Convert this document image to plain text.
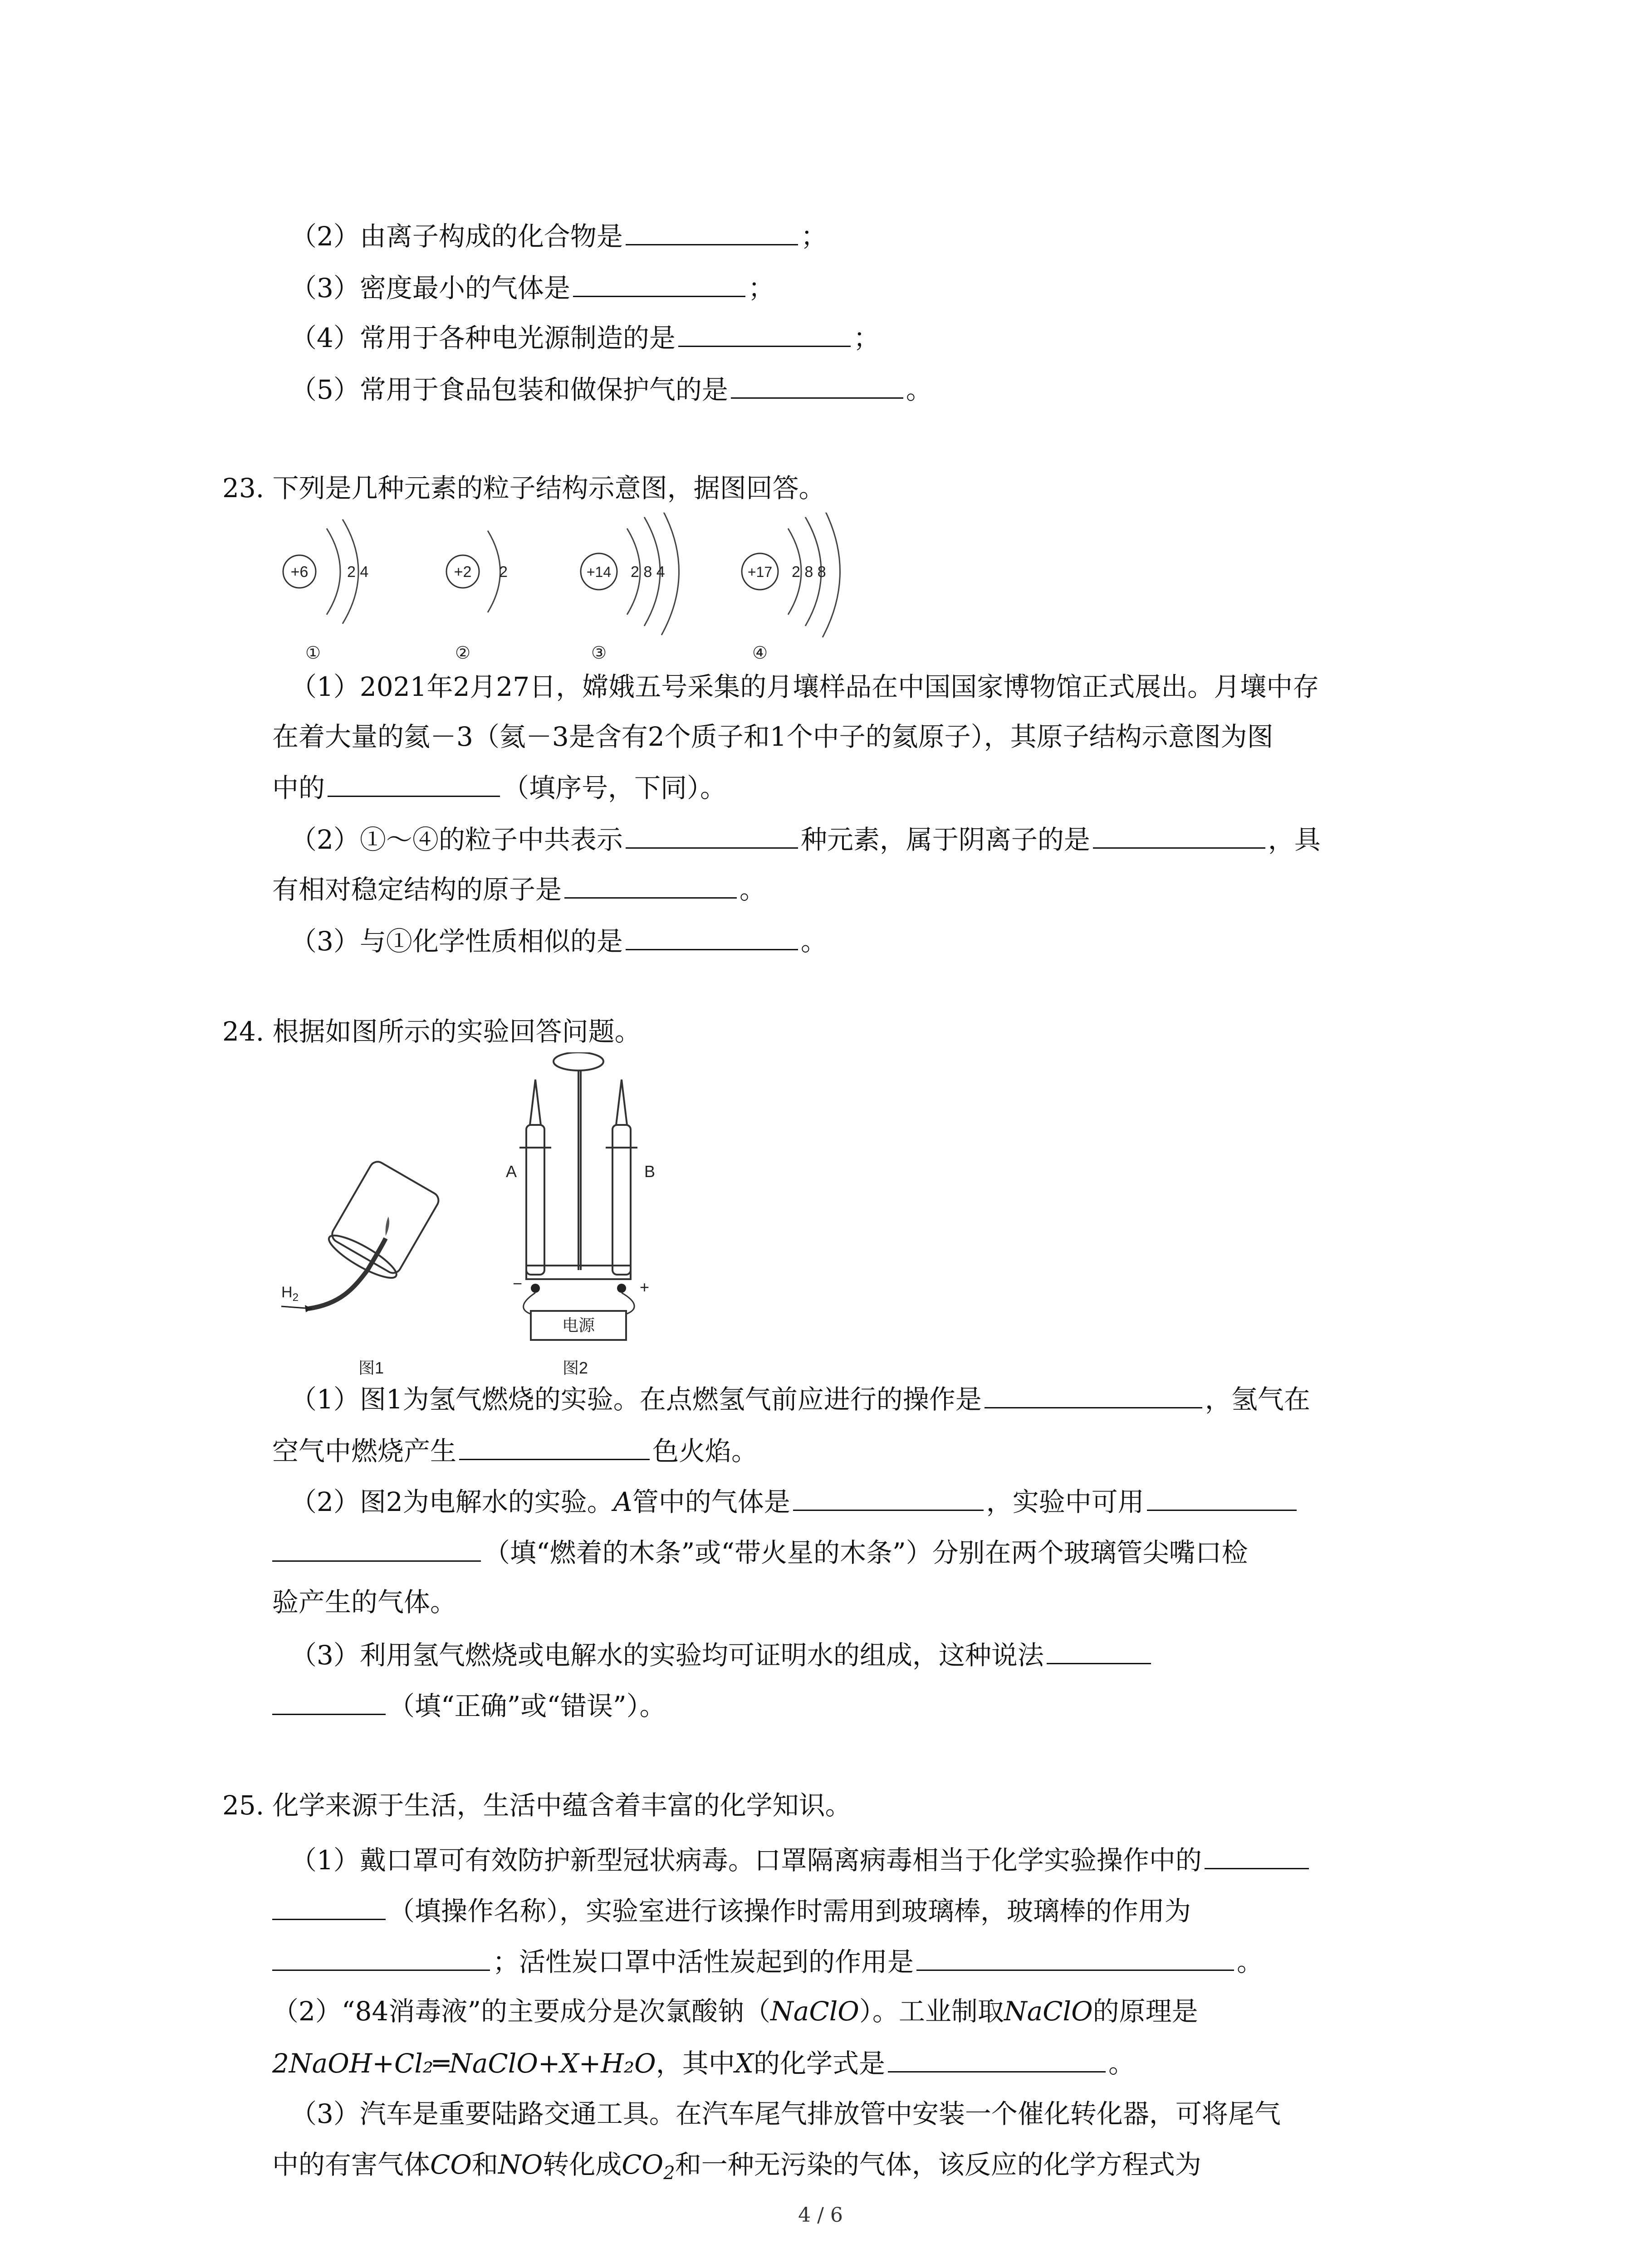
（2）由离子构成的化合物是	；
（3）密度最小的气体是	；
（4）常用于各种电光源制造的是	；
（5）常用于食品包装和做保护气的是	。
23. 下列是几种元素的粒子结构示意图，据图回答。
+6	2 4	+2 2	+14 2 8 4	+17 2 8 8
①	②	③	④
（1）2021年2月27日，嫦娥五号采集的月壤样品在中国国家博物馆正式展出。月壤中存
在着大量的氦－3（氦－3是含有2个质子和1个中子的氦原子），其原子结构示意图为图
中的	（填序号，下同）。
（2）①～④的粒子中共表示	种元素，属于阴离子的是	，具
有相对稳定结构的原子是	。
（3）与①化学性质相似的是	。
24. 根据如图所示的实验回答问题。
$H_2$
图1
电源
A	B
−	+
图2
（1）图1为氢气燃烧的实验。在点燃氢气前应进行的操作是	，氢气在
空气中燃烧产生	色火焰。
（2）图2为电解水的实验。A管中的气体是	，实验中可用
（填“燃着的木条”或“带火星的木条”）分别在两个玻璃管尖嘴口检
验产生的气体。
（3）利用氢气燃烧或电解水的实验均可证明水的组成，这种说法
（填“正确”或“错误”）。
25. 化学来源于生活，生活中蕴含着丰富的化学知识。
（1）戴口罩可有效防护新型冠状病毒。口罩隔离病毒相当于化学实验操作中的
（填操作名称），实验室进行该操作时需用到玻璃棒，玻璃棒的作用为
；活性炭口罩中活性炭起到的作用是	。
（2）“84消毒液”的主要成分是次氯酸钠（NaClO）。工业制取NaClO的原理是
2NaOH+Cl₂═NaClO+X+H₂O，其中X的化学式是	。
（3）汽车是重要陆路交通工具。在汽车尾气排放管中安装一个催化转化器，可将尾气
中的有害气体CO和NO转化成$CO_2$和一种无污染的气体，该反应的化学方程式为
4 / 6
